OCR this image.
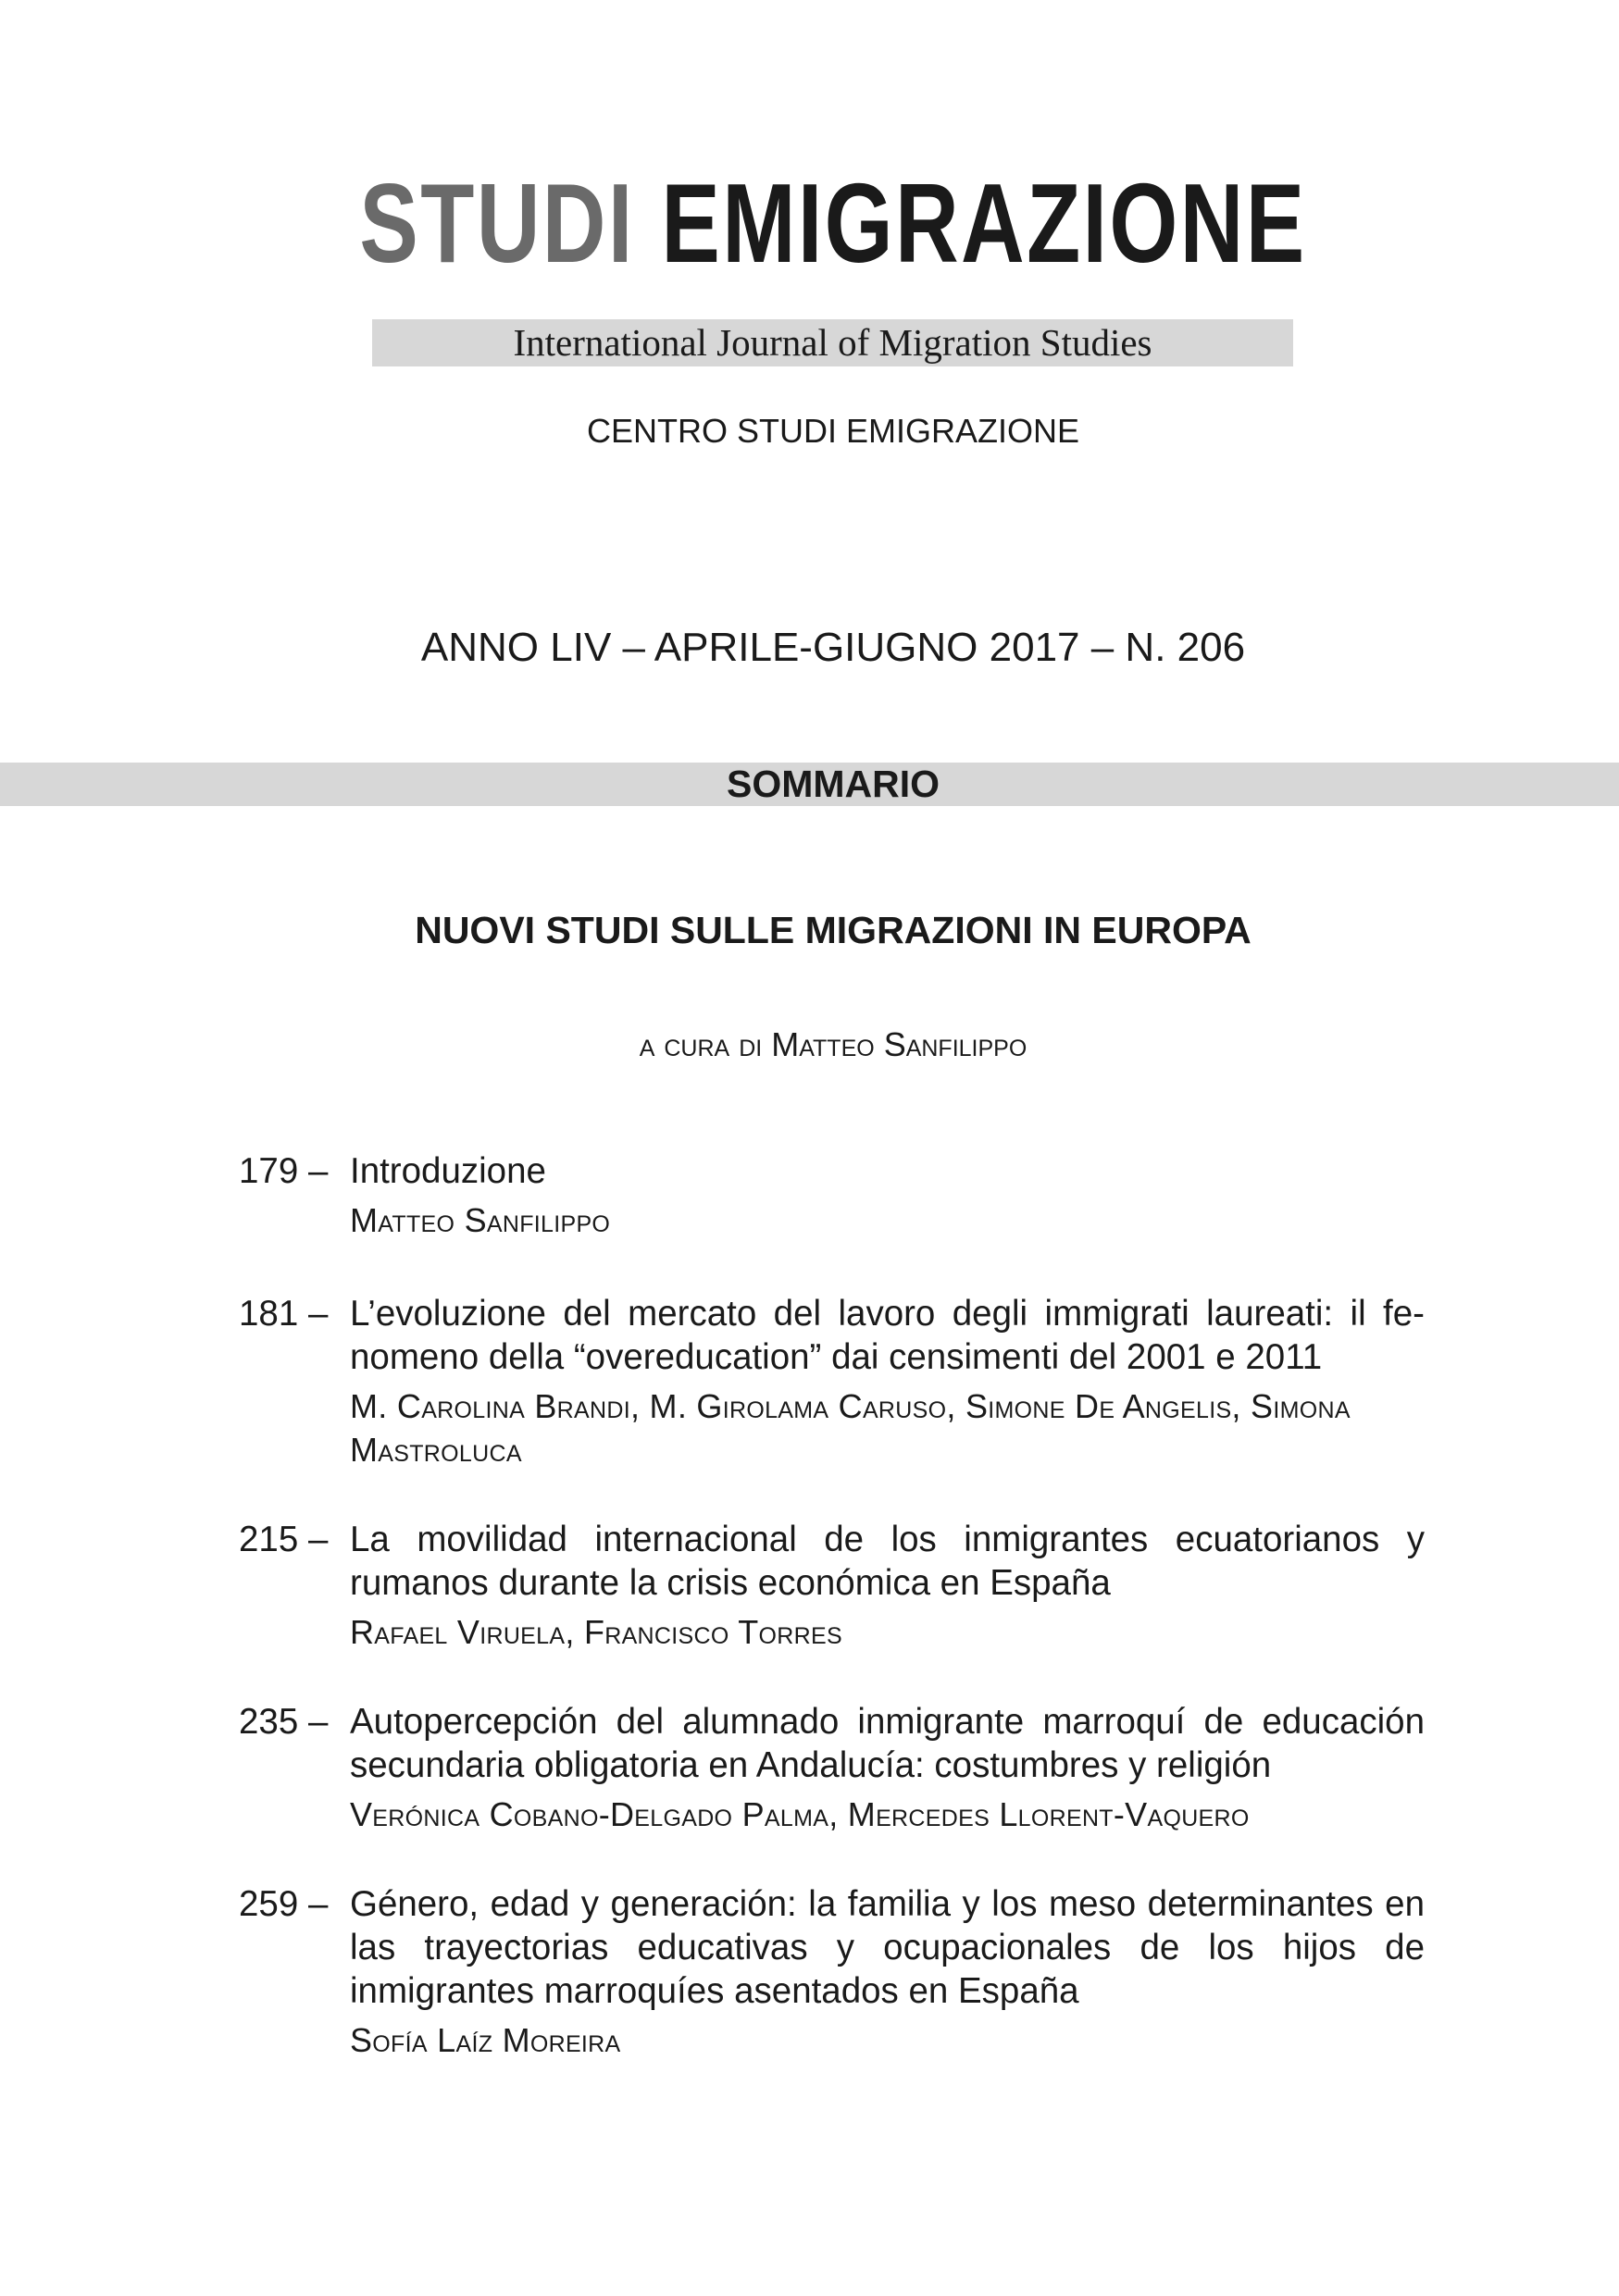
STUDI EMIGRAZIONE
International Journal of Migration Studies
CENTRO STUDI EMIGRAZIONE
ANNO LIV – APRILE-GIUGNO 2017 – N. 206
SOMMARIO
NUOVI STUDI SULLE MIGRAZIONI IN EUROPA
a cura di Matteo Sanfilippo
179 – Introduzione
Matteo Sanfilippo
181 – L’evoluzione del mercato del lavoro degli immigrati laureati: il fenomeno della “overeducation” dai censimenti del 2001 e 2011
M. Carolina Brandi, M. Girolama Caruso, Simone De Angelis, Simona Mastroluca
215 – La movilidad internacional de los inmigrantes ecuatorianos y rumanos durante la crisis económica en España
Rafael Viruela, Francisco Torres
235 – Autopercepción del alumnado inmigrante marroquí de educación secundaria obligatoria en Andalucía: costumbres y religión
Verónica Cobano-Delgado Palma, Mercedes Llorent-Vaquero
259 – Género, edad y generación: la familia y los meso determinantes en las trayectorias educativas y ocupacionales de los hijos de inmigrantes marroquíes asentados en España
Sofía Laíz Moreira
